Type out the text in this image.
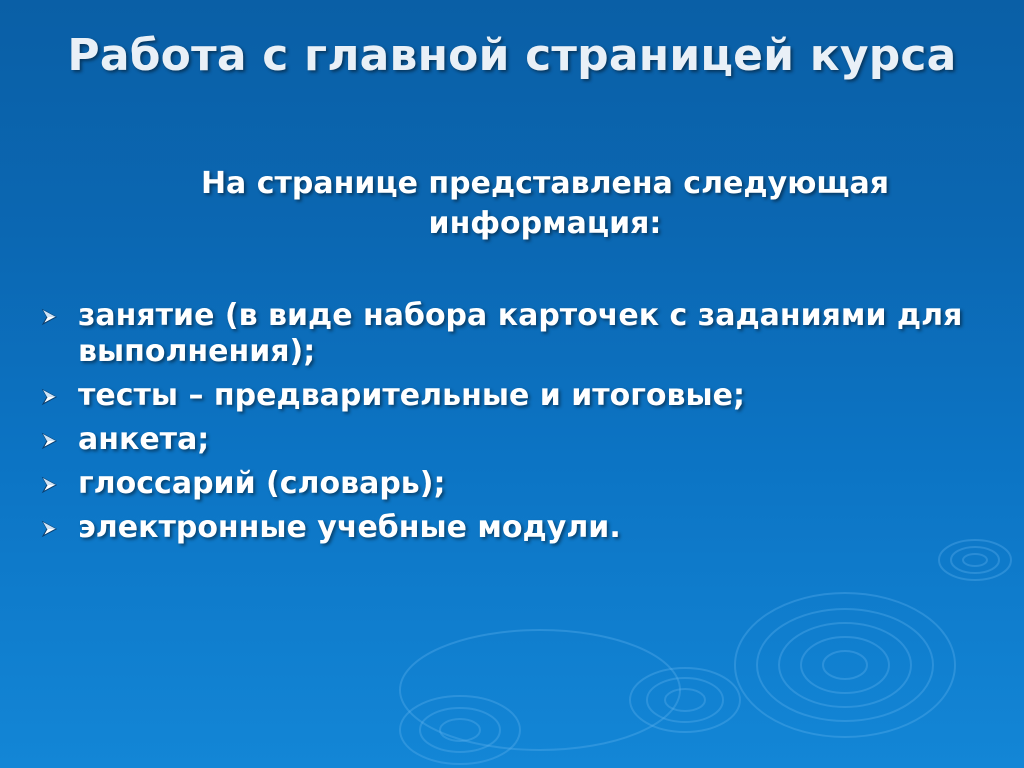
Работа с главной страницей курса
На странице представлена следующая информация:
занятие (в виде набора карточек с заданиями для выполнения);
тесты – предварительные и итоговые;
анкета;
глоссарий (словарь);
электронные учебные модули.
